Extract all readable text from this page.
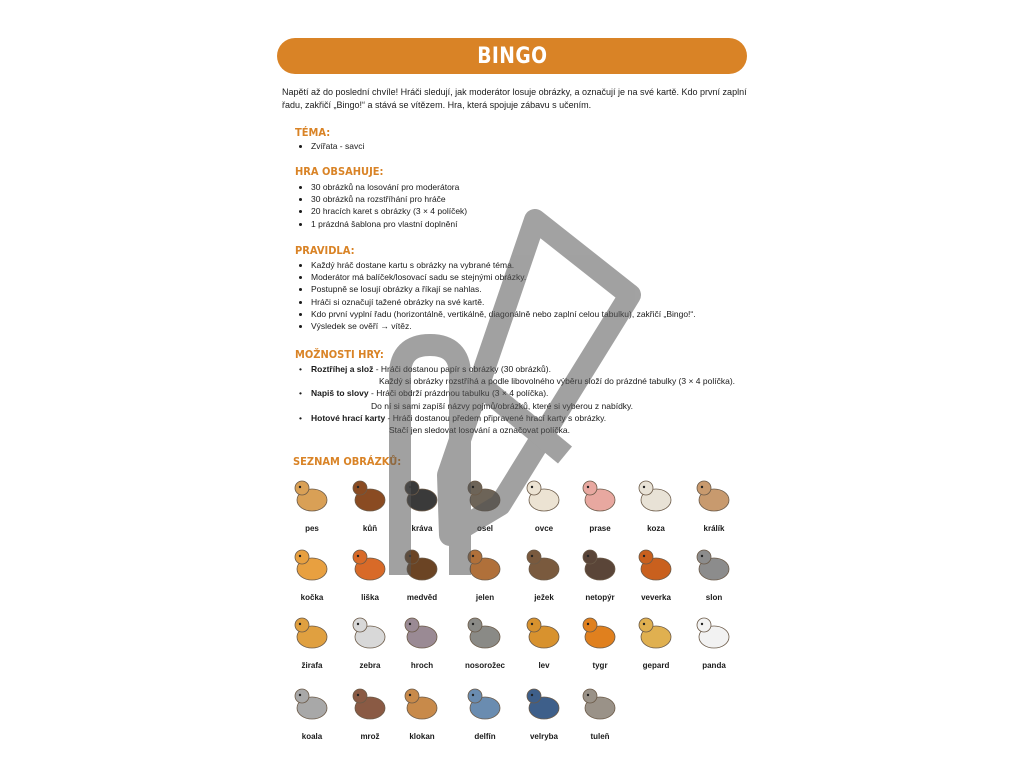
BINGO
Napětí až do poslední chvíle! Hráči sledují, jak moderátor losuje obrázky, a označují je na své kartě. Kdo první zaplní řadu, zakřičí „Bingo!“ a stává se vítězem. Hra, která spojuje zábavu s učením.
TÉMA:
• Zvířata - savci
HRA OBSAHUJE:
• 30 obrázků na losování pro moderátora
• 30 obrázků na rozstříhání pro hráče
• 20 hracích karet s obrázky (3 × 4 políček)
• 1 prázdná šablona pro vlastní doplnění
PRAVIDLA:
• Každý hráč dostane kartu s obrázky na vybrané téma.
• Moderátor má balíček/losovací sadu se stejnými obrázky.
• Postupně se losují obrázky a říkají se nahlas.
• Hráči si označují tažené obrázky na své kartě.
• Kdo první vyplní řadu (horizontálně, vertikálně, diagonálně nebo zaplní celou tabulku), zakřičí „Bingo!“.
• Výsledek se ověří → vítěz.
MOŽNOSTI HRY:
•	Roztříhej a slož - Hráči dostanou papír s obrázky (30 obrázků).
Každý si obrázky rozstříhá a podle libovolného výběru složí do prázdné tabulky (3 × 4 políčka).
•	Napiš to slovy - Hráči obdrží prázdnou tabulku (3 × 4 políčka).
Do ní si sami zapíší názvy pojmů/obrázků, které si vyberou z nabídky.
•	Hotové hrací karty - Hráči dostanou předem připravené hrací karty s obrázky.
Stačí jen sledovat losování a označovat políčka.
SEZNAM OBRÁZKŮ:
pes	kůň	kráva	osel	ovce	prase	koza	králík
kočka	liška	medvěd	jelen	ježek	netopýr	veverka	slon
žirafa	zebra	hroch	nosorožec	lev	tygr	gepard	panda
koala	mrož	klokan	delfín	velryba	tuleň
